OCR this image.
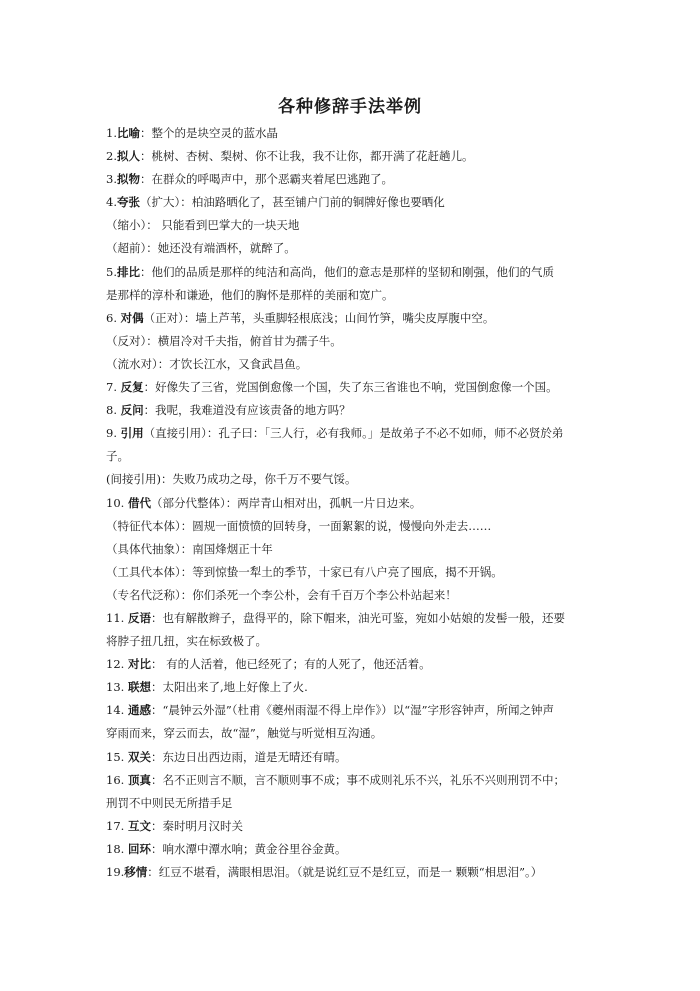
各种修辞手法举例
1.比喻：整个的是块空灵的蓝水晶
2.拟人：桃树、杏树、梨树、你不让我，我不让你，都开满了花赶趟儿。
3.拟物：在群众的呼喝声中，那个恶霸夹着尾巴逃跑了。
4.夸张（扩大）：柏油路晒化了，甚至铺户门前的铜牌好像也要晒化
（缩小）： 只能看到巴掌大的一块天地
（超前）：她还没有端酒杯，就醉了。
5.排比：他们的品质是那样的纯洁和高尚，他们的意志是那样的坚韧和刚强，他们的气质
是那样的淳朴和谦逊，他们的胸怀是那样的美丽和宽广。
6. 对偶（正对）：墙上芦苇，头重脚轻根底浅；山间竹笋，嘴尖皮厚腹中空。
（反对）：横眉冷对千夫指，俯首甘为孺子牛。
（流水对）：才饮长江水，又食武昌鱼。
7. 反复：好像失了三省，党国倒愈像一个国，失了东三省谁也不响，党国倒愈像一个国。
8. 反问：我呢，我难道没有应该责备的地方吗？
9. 引用（直接引用）：孔子曰：「三人行，必有我师。」是故弟子不必不如师，师不必贤於弟
子。
(间接引用)：失败乃成功之母，你千万不要气馁。
10. 借代（部分代整体）：两岸青山相对出，孤帆一片日边来。
（特征代本体）：圆规一面愤愤的回转身，一面絮絮的说，慢慢向外走去……
（具体代抽象）：南国烽烟正十年
（工具代本体）：等到惊蛰一犁土的季节，十家已有八户亮了囤底，揭不开锅。
（专名代泛称）：你们杀死一个李公朴，会有千百万个李公朴站起来！
11. 反语：也有解散辫子，盘得平的，除下帽来，油光可鉴，宛如小姑娘的发髻一般，还要
将脖子扭几扭，实在标致极了。
12. 对比： 有的人活着，他已经死了；有的人死了，他还活着。
13. 联想：太阳出来了,地上好像上了火.
14. 通感：“晨钟云外湿”（杜甫《夔州雨湿不得上岸作》）以“湿”字形容钟声，所闻之钟声
穿雨而来，穿云而去，故“湿”，触觉与听觉相互沟通。
15. 双关：东边日出西边雨，道是无晴还有晴。
16. 顶真：名不正则言不顺，言不顺则事不成；事不成则礼乐不兴，礼乐不兴则刑罚不中；
刑罚不中则民无所措手足
17. 互文：秦时明月汉时关
18. 回环：响水潭中潭水响；黄金谷里谷金黄。
19.移情：红豆不堪看，满眼相思泪。（就是说红豆不是红豆，而是一 颗颗“相思泪”。）
